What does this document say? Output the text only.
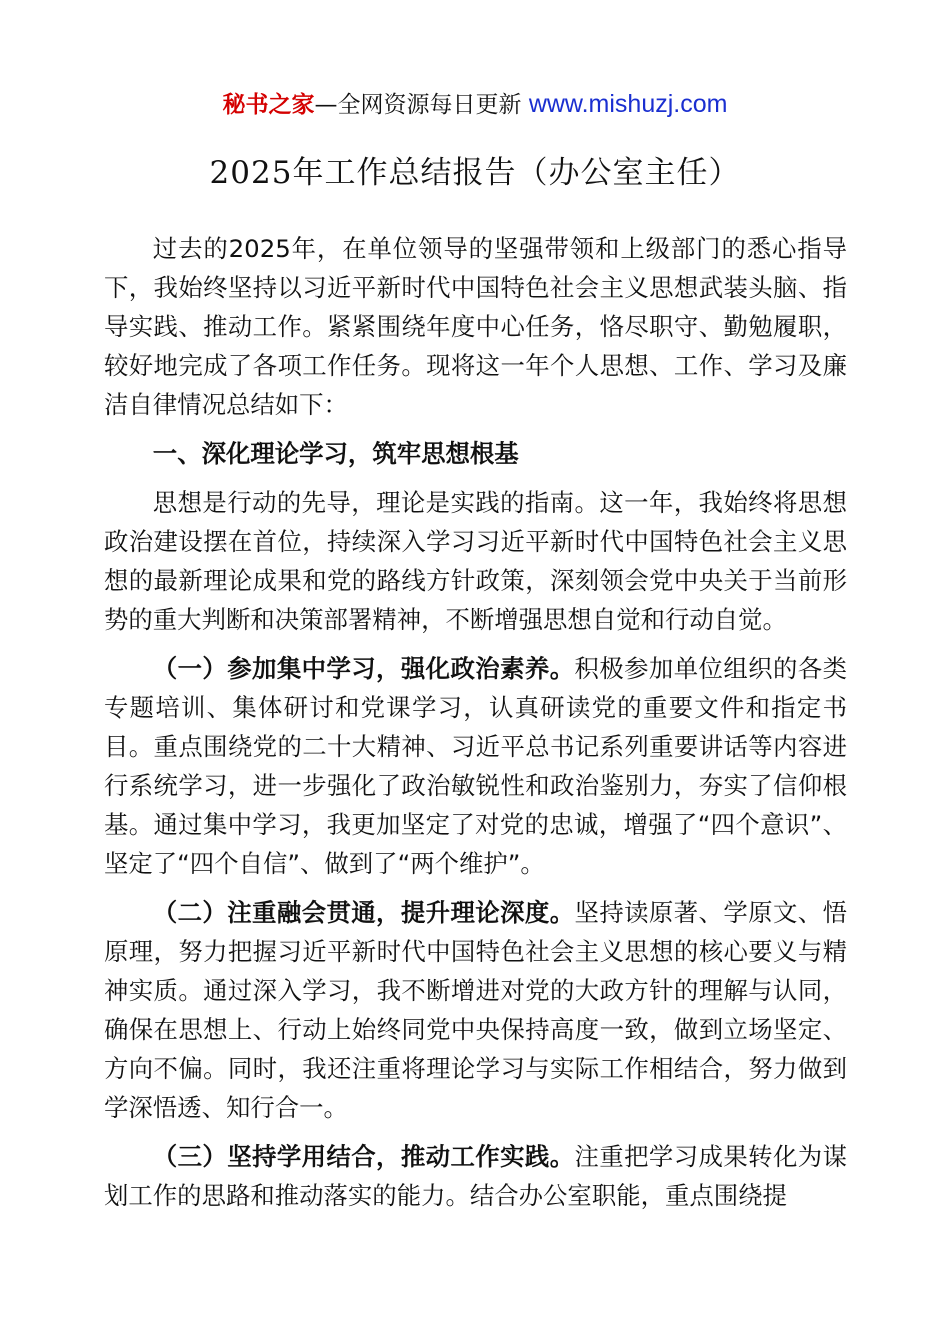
秘书之家—全网资源每日更新 www.mishuzj.com
2025年工作总结报告（办公室主任）

过去的2025年，在单位领导的坚强带领和上级部门的悉心指导下，我始终坚持以习近平新时代中国特色社会主义思想武装头脑、指导实践、推动工作。紧紧围绕年度中心任务，恪尽职守、勤勉履职，较好地完成了各项工作任务。现将这一年个人思想、工作、学习及廉洁自律情况总结如下：

一、深化理论学习，筑牢思想根基

思想是行动的先导，理论是实践的指南。这一年，我始终将思想政治建设摆在首位，持续深入学习习近平新时代中国特色社会主义思想的最新理论成果和党的路线方针政策，深刻领会党中央关于当前形势的重大判断和决策部署精神，不断增强思想自觉和行动自觉。

（一）参加集中学习，强化政治素养。积极参加单位组织的各类专题培训、集体研讨和党课学习，认真研读党的重要文件和指定书目。重点围绕党的二十大精神、习近平总书记系列重要讲话等内容进行系统学习，进一步强化了政治敏锐性和政治鉴别力，夯实了信仰根基。通过集中学习，我更加坚定了对党的忠诚，增强了“四个意识”、坚定了“四个自信”、做到了“两个维护”。

（二）注重融会贯通，提升理论深度。坚持读原著、学原文、悟原理，努力把握习近平新时代中国特色社会主义思想的核心要义与精神实质。通过深入学习，我不断增进对党的大政方针的理解与认同，确保在思想上、行动上始终同党中央保持高度一致，做到立场坚定、方向不偏。同时，我还注重将理论学习与实际工作相结合，努力做到学深悟透、知行合一。

（三）坚持学用结合，推动工作实践。注重把学习成果转化为谋划工作的思路和推动落实的能力。结合办公室职能，重点围绕提
